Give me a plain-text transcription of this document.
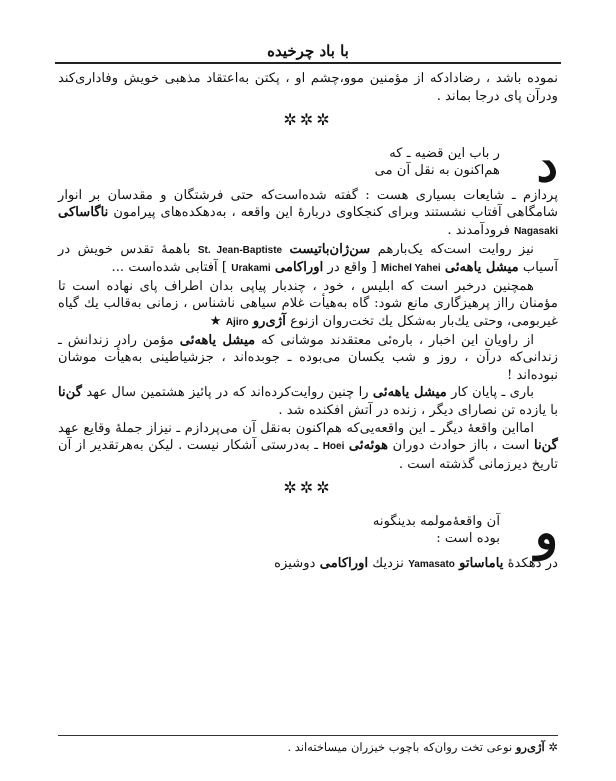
با باد چرخیده

نموده باشد ، رضادادکه از مؤمنین موو،چشم او ، پکتن به‌اعتقاد مذهبی خویش وفاداری‌کند ودرآن پای درجا بماند .

✲✲✲
د
ر باب این قضیه ـ که
هم‌اکنون به نقل آن می

پردازم ـ شایعات بسیاری هست : گفته شده‌است‌که حتی فرشتگان و مقدسان بر انوار شامگاهی آفتاب نشستند وبرای کنجکاوی دربارهٔ این واقعه ، به‌دهکده‌های پیرامون ناگاساکی Nagasaki فرودآمدند .

نیز روایت است‌که یک‌بارهم سن‌ژان‌باتیست St. Jean-Baptiste باهمهٔ تقدس خویش در آسیاب میشل یاهه‌ئی Michel Yahei [ واقع در اوراکامی Urakami ] آفتابی شده‌است ...

همچنین درخبر است که ابلیس ، خود ، چندبار پیاپی بدان اطراف پای نهاده است تا مؤمنان رااز پرهیزگاری مانع شود: گاه به‌هیأت غلام سیاهی ناشناس ، زمانی به‌قالب یك گیاه غیربومی، وحتی یك‌بار به‌شکل یك تخت‌روان ازنوع آژی‌رو Ajiro ★

از راویان این اخبار ، باره‌ئی معتقدند موشانی که میشل یاهه‌ئی مؤمن رادر زندانش ـ زندانی‌که درآن ، روز و شب یکسان می‌بوده ـ جوبده‌اند ، جزشیاطینی به‌هیأت موشان نبوده‌اند !

باری ـ پایان کار میشل یاهه‌ئی را چنین روایت‌کرده‌اند که در پائیز هشتمین سال عهد گن‌نا با یازده تن نصارای دیگر ، زنده در آتش افکنده شد .

امااین واقعهٔ دیگر ـ این واقعه‌یی‌که هم‌اکنون به‌نقل آن می‌پردازم ـ نیزاز جملهٔ وقایع عهد گن‌نا است ، بااز حوادث دوران هوئه‌ئی Hoei ـ به‌درستی آشکار نیست . لیکن به‌هرتقدیر از آن تاریخ دیرزمانی گذشته است .

✲✲✲
و
آن واقعهٔ‌مولمه بدینگونه
بوده است :

در دهکدهٔ یاماساتو Yamasato نزدیك اوراکامی دوشیزه

✲ آژی‌رو نوعی تخت روان‌که باچوب خیزران میساخته‌اند .
